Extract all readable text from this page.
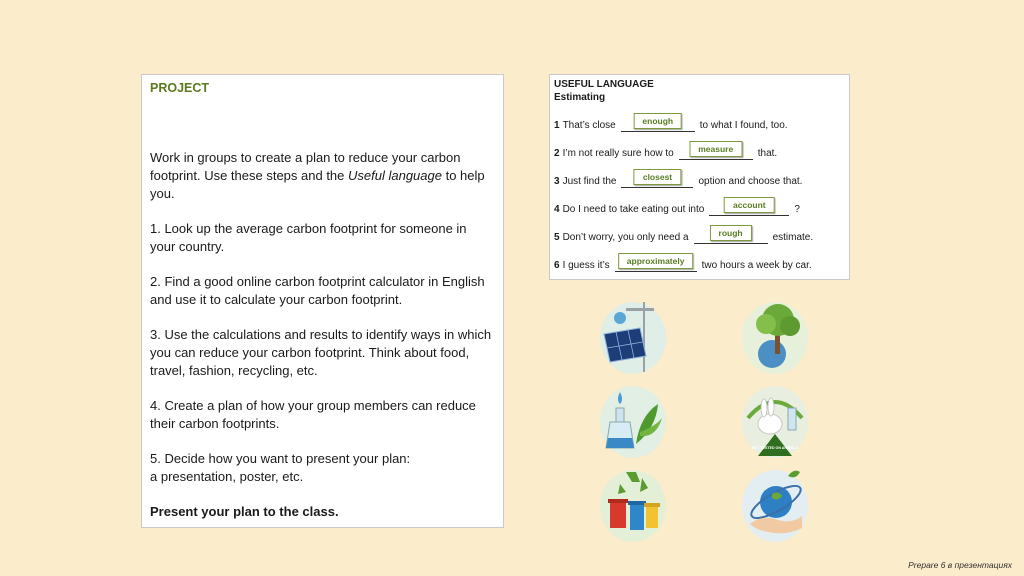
PROJECT

Work in groups to create a plan to reduce your carbon footprint. Use these steps and the Useful language to help you.

1. Look up the average carbon footprint for someone in your country.

2. Find a good online carbon footprint calculator in English and use it to calculate your carbon footprint.

3. Use the calculations and results to identify ways in which you can reduce your carbon footprint. Think about food, travel, fashion, recycling, etc.

4. Create a plan of how your group members can reduce their carbon footprints.

5. Decide how you want to present your plan:
a presentation, poster, etc.

Present your plan to the class.

USEFUL LANGUAGE
Estimating
1 That’s close	enough	to what I found, too.
2 I’m not really sure how to	measure	that.
3 Just find the	closest	option and choose that.
4 Do I need to take eating out into	account	?
5 Don’t worry, you only need a	rough	estimate.
6 I guess it’s	approximately	two hours a week by car.
NOT TESTED ON ANIMALS
Prepare 6 в презентациях
